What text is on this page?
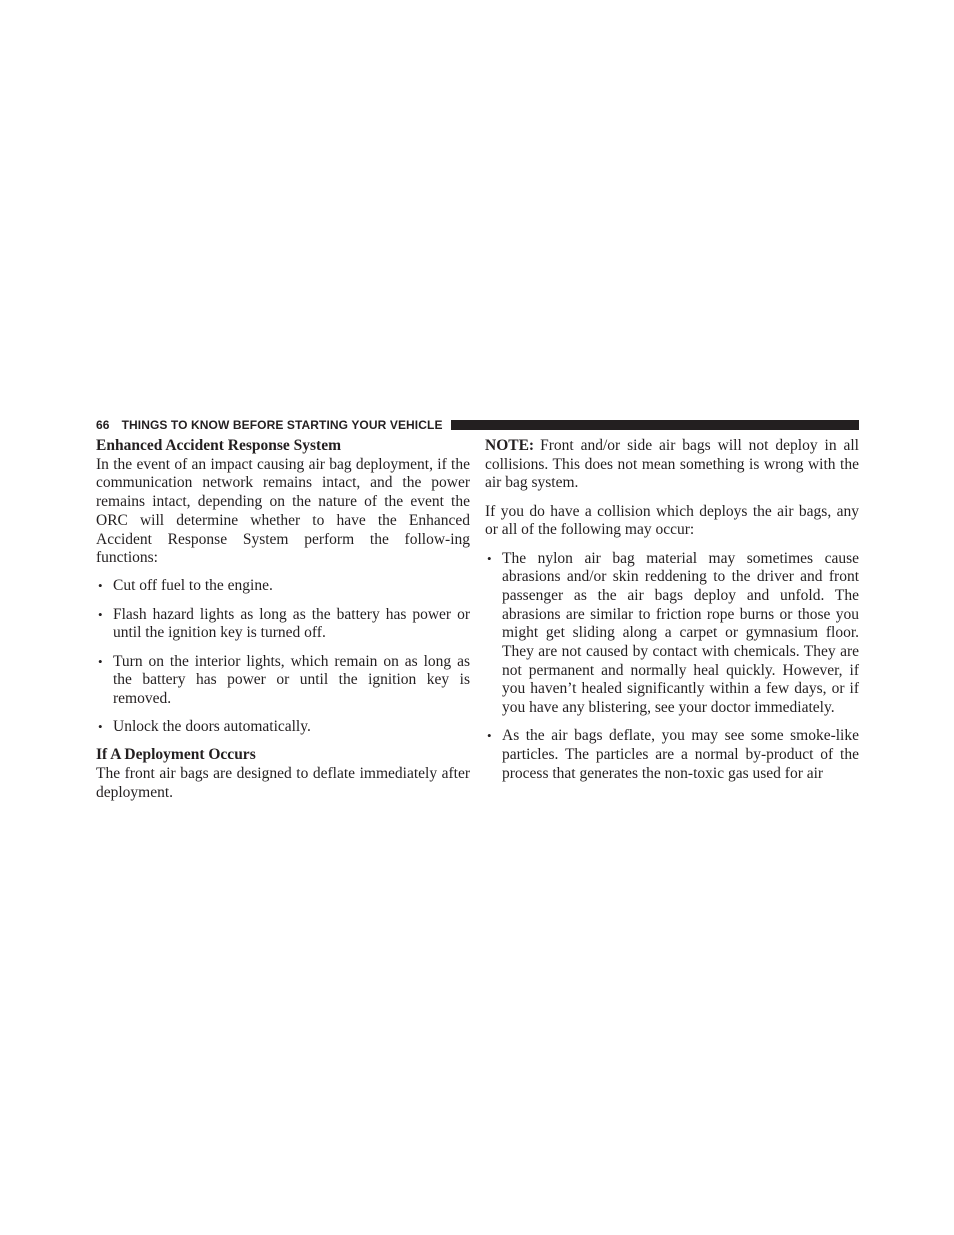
66 THINGS TO KNOW BEFORE STARTING YOUR VEHICLE
Enhanced Accident Response System

In the event of an impact causing air bag deployment, if the communication network remains intact, and the power remains intact, depending on the nature of the event the ORC will determine whether to have the Enhanced Accident Response System perform the follow-ing functions:

• Cut off fuel to the engine.
• Flash hazard lights as long as the battery has power or until the ignition key is turned off.
• Turn on the interior lights, which remain on as long as the battery has power or until the ignition key is removed.
• Unlock the doors automatically.
If A Deployment Occurs

The front air bags are designed to deflate immediately after deployment.

NOTE: Front and/or side air bags will not deploy in all collisions. This does not mean something is wrong with the air bag system.

If you do have a collision which deploys the air bags, any or all of the following may occur:

• The nylon air bag material may sometimes cause abrasions and/or skin reddening to the driver and front passenger as the air bags deploy and unfold. The abrasions are similar to friction rope burns or those you might get sliding along a carpet or gymnasium floor. They are not caused by contact with chemicals. They are not permanent and normally heal quickly. However, if you haven’t healed significantly within a few days, or if you have any blistering, see your doctor immediately.
• As the air bags deflate, you may see some smoke-like particles. The particles are a normal by-product of the process that generates the non-toxic gas used for air
